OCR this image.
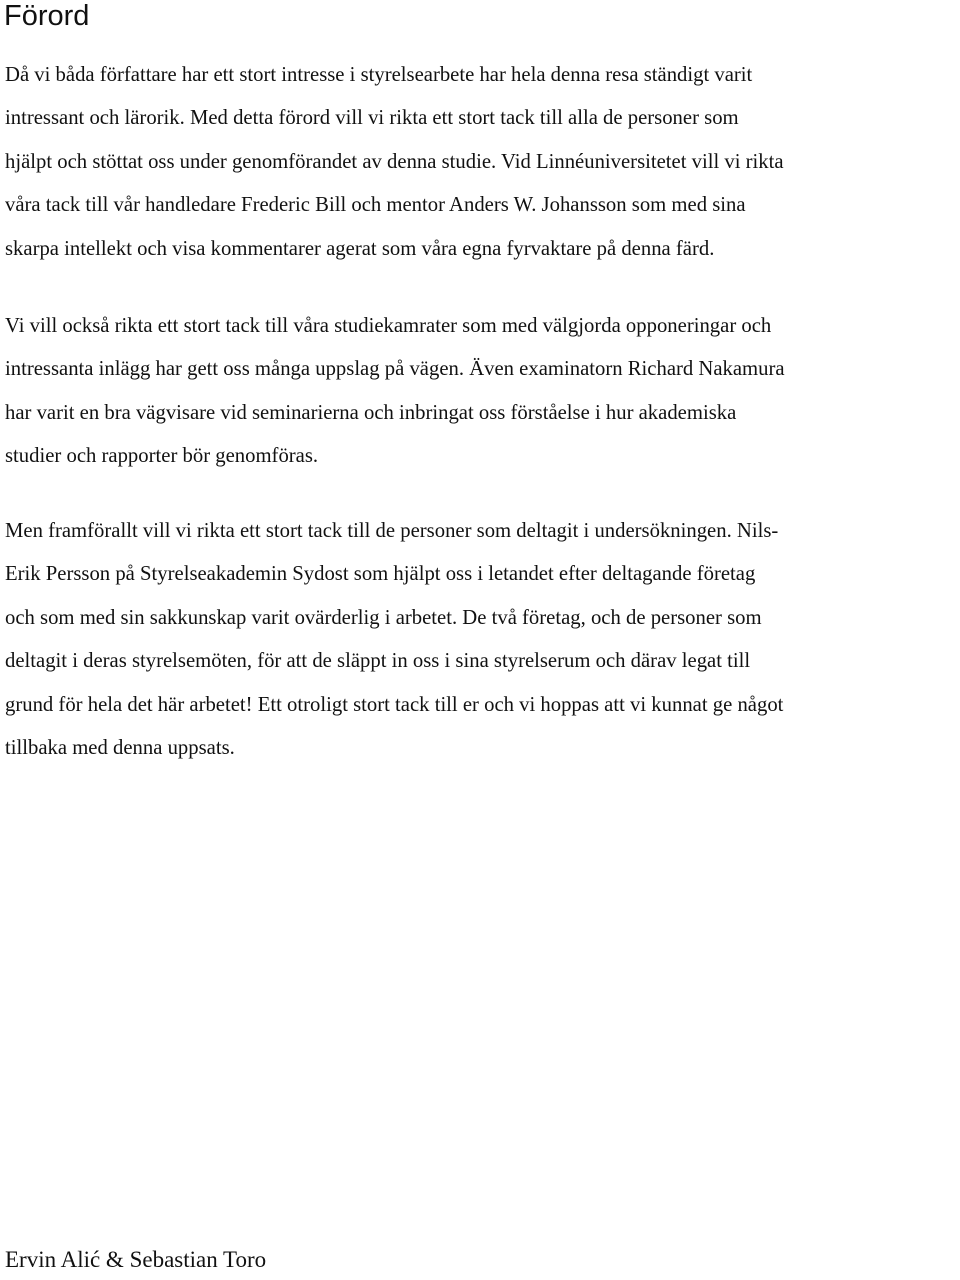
Förord

Då vi båda författare har ett stort intresse i styrelsearbete har hela denna resa ständigt varit
intressant och lärorik. Med detta förord vill vi rikta ett stort tack till alla de personer som
hjälpt och stöttat oss under genomförandet av denna studie. Vid Linnéuniversitetet vill vi rikta
våra tack till vår handledare Frederic Bill och mentor Anders W. Johansson som med sina
skarpa intellekt och visa kommentarer agerat som våra egna fyrvaktare på denna färd.

Vi vill också rikta ett stort tack till våra studiekamrater som med välgjorda opponeringar och
intressanta inlägg har gett oss många uppslag på vägen. Även examinatorn Richard Nakamura
har varit en bra vägvisare vid seminarierna och inbringat oss förståelse i hur akademiska
studier och rapporter bör genomföras.

Men framförallt vill vi rikta ett stort tack till de personer som deltagit i undersökningen. Nils-
Erik Persson på Styrelseakademin Sydost som hjälpt oss i letandet efter deltagande företag
och som med sin sakkunskap varit ovärderlig i arbetet. De två företag, och de personer som
deltagit i deras styrelsemöten, för att de släppt in oss i sina styrelserum och därav legat till
grund för hela det här arbetet! Ett otroligt stort tack till er och vi hoppas att vi kunnat ge något
tillbaka med denna uppsats.

Ervin Alić & Sebastian Toro
